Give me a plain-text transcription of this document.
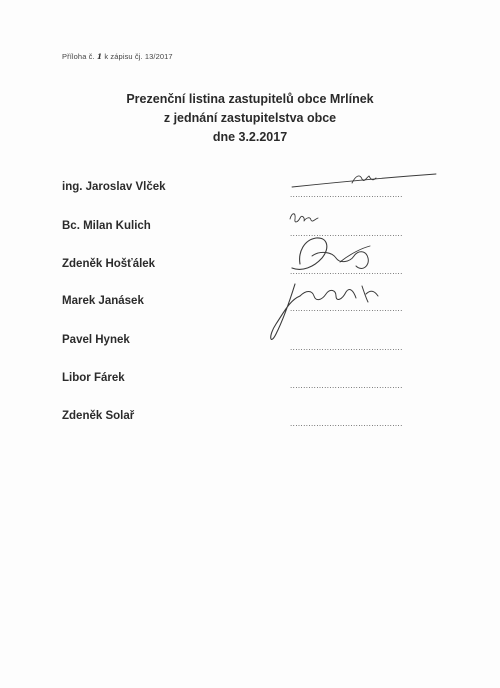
Příloha č. 1 k zápisu čj. 13/2017
Prezenční listina zastupitelů obce Mrlínek
z jednání zastupitelstva obce
dne 3.2.2017
ing. Jaroslav Vlček
...........................................
Bc. Milan Kulich
...........................................
Zdeněk Hošťálek
...........................................
Marek Janásek
...........................................
Pavel Hynek
...........................................
Libor Fárek
...........................................
Zdeněk Solař
...........................................
